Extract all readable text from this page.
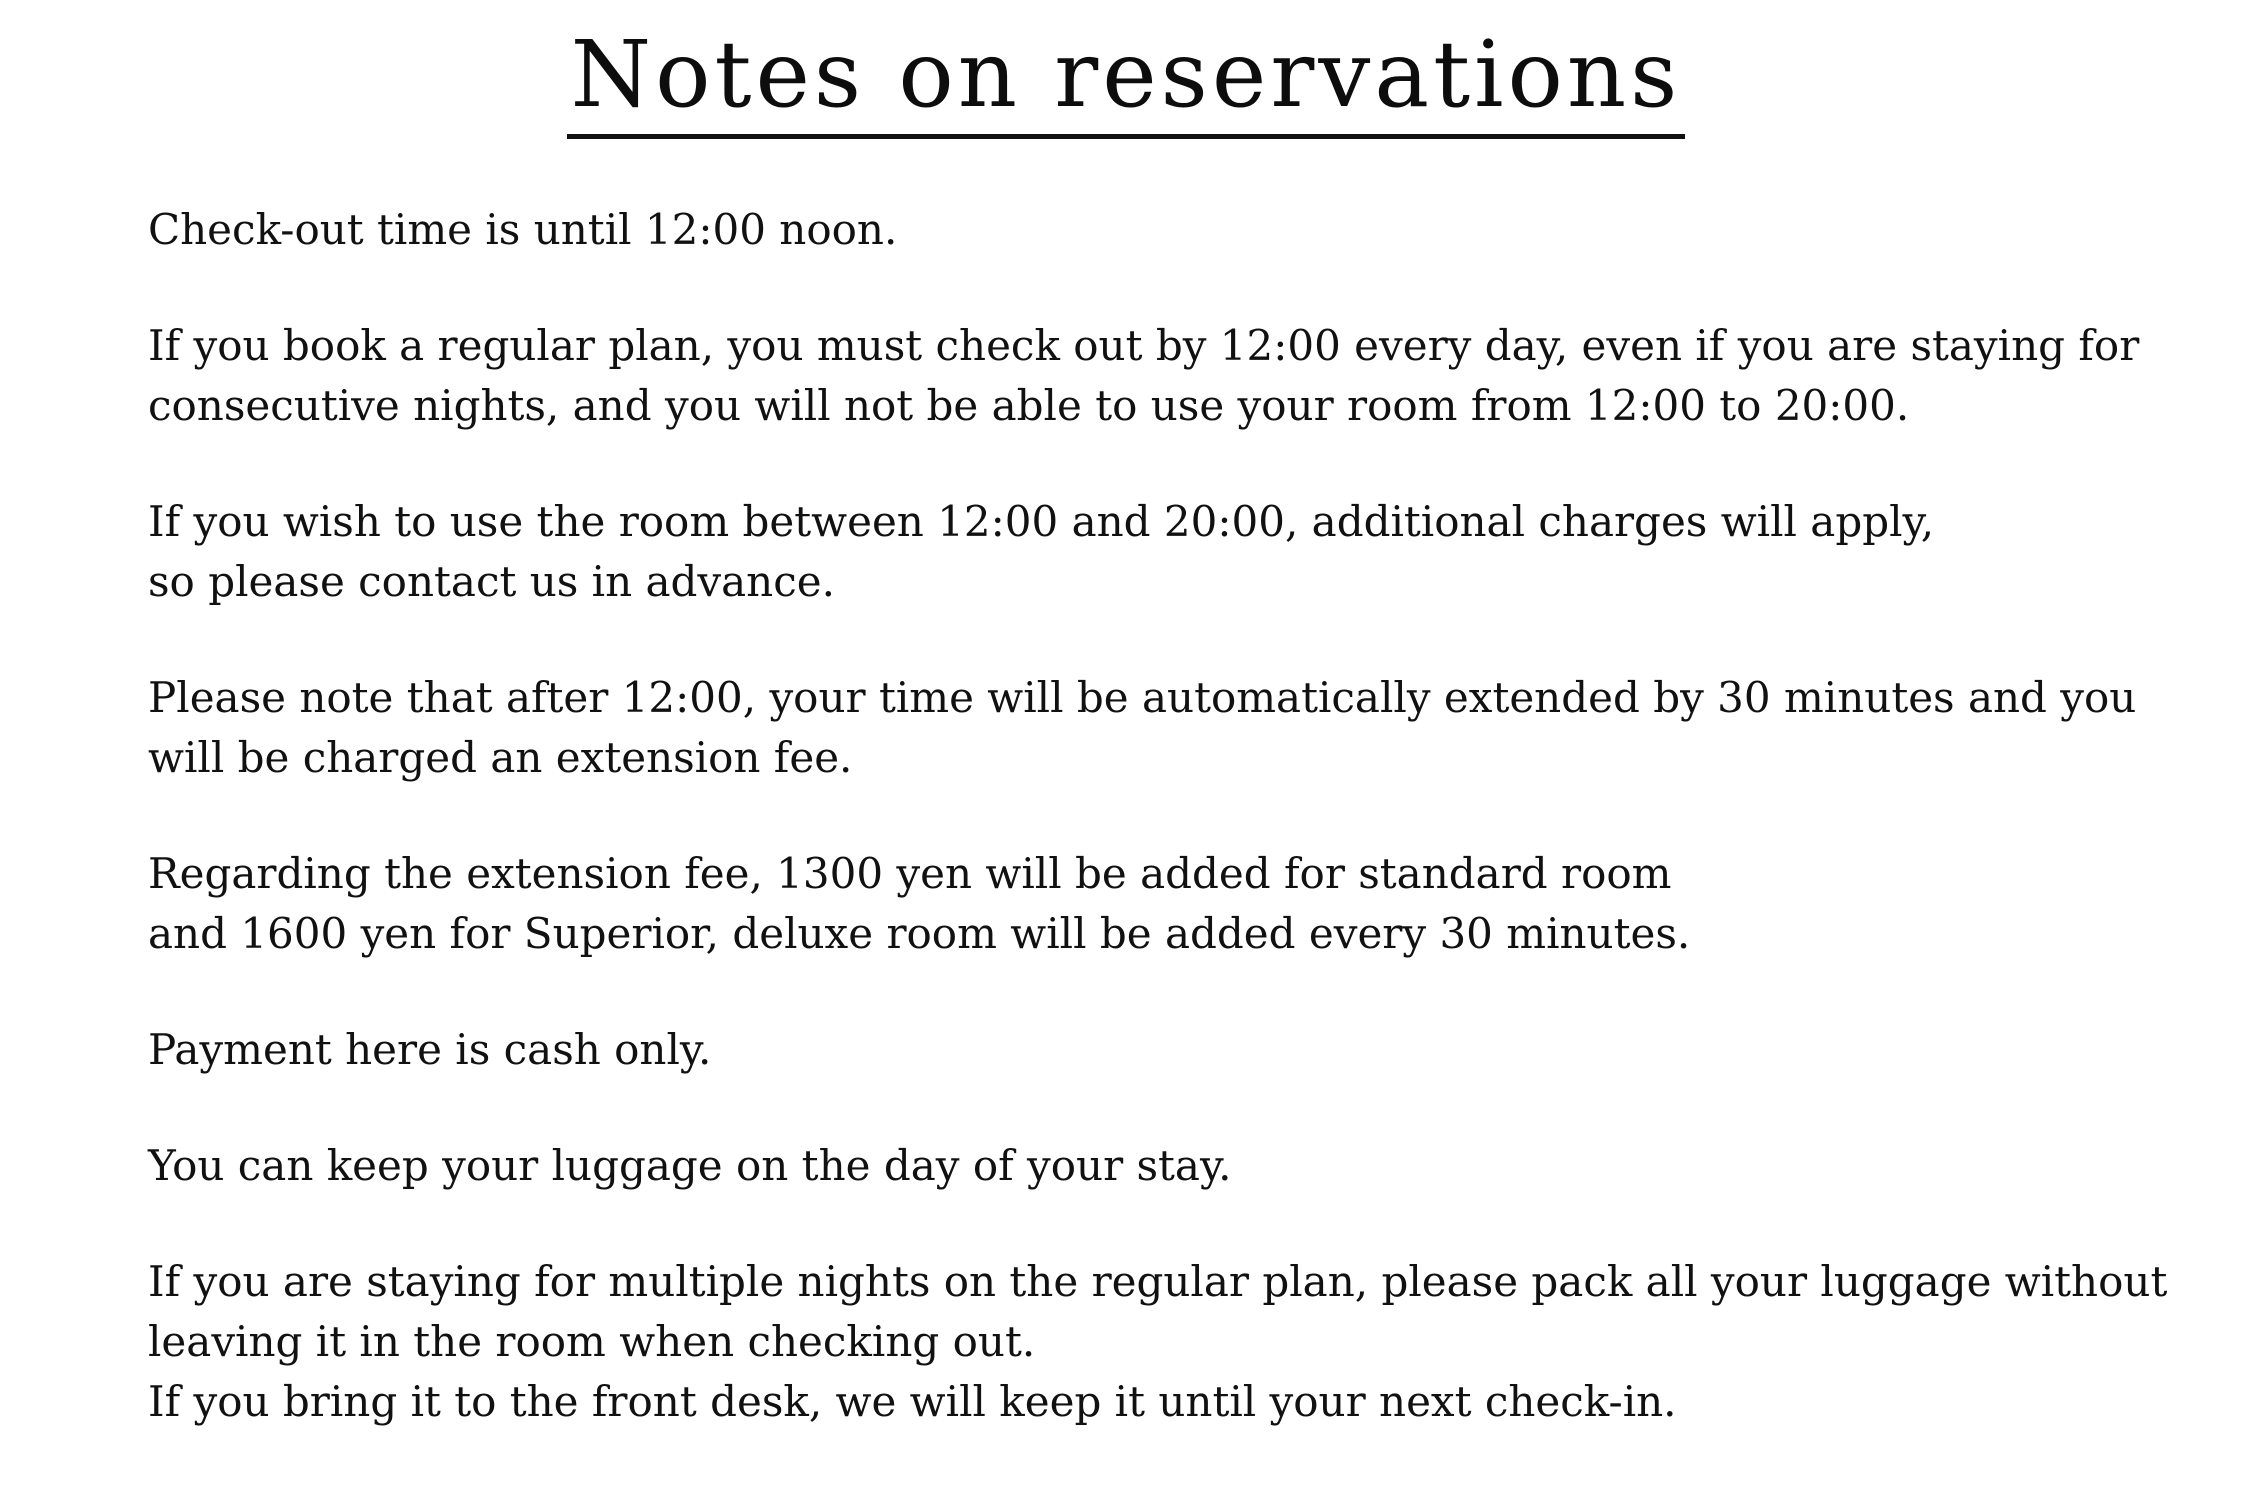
Notes on reservations

Check-out time is until 12:00 noon.

If you book a regular plan, you must check out by 12:00 every day, even if you are staying for
consecutive nights, and you will not be able to use your room from 12:00 to 20:00.

If you wish to use the room between 12:00 and 20:00, additional charges will apply,
so please contact us in advance.

Please note that after 12:00, your time will be automatically extended by 30 minutes and you
will be charged an extension fee.

Regarding the extension fee, 1300 yen will be added for standard room
and 1600 yen for Superior, deluxe room will be added every 30 minutes.

Payment here is cash only.

You can keep your luggage on the day of your stay.

If you are staying for multiple nights on the regular plan, please pack all your luggage without
leaving it in the room when checking out.
If you bring it to the front desk, we will keep it until your next check-in.
